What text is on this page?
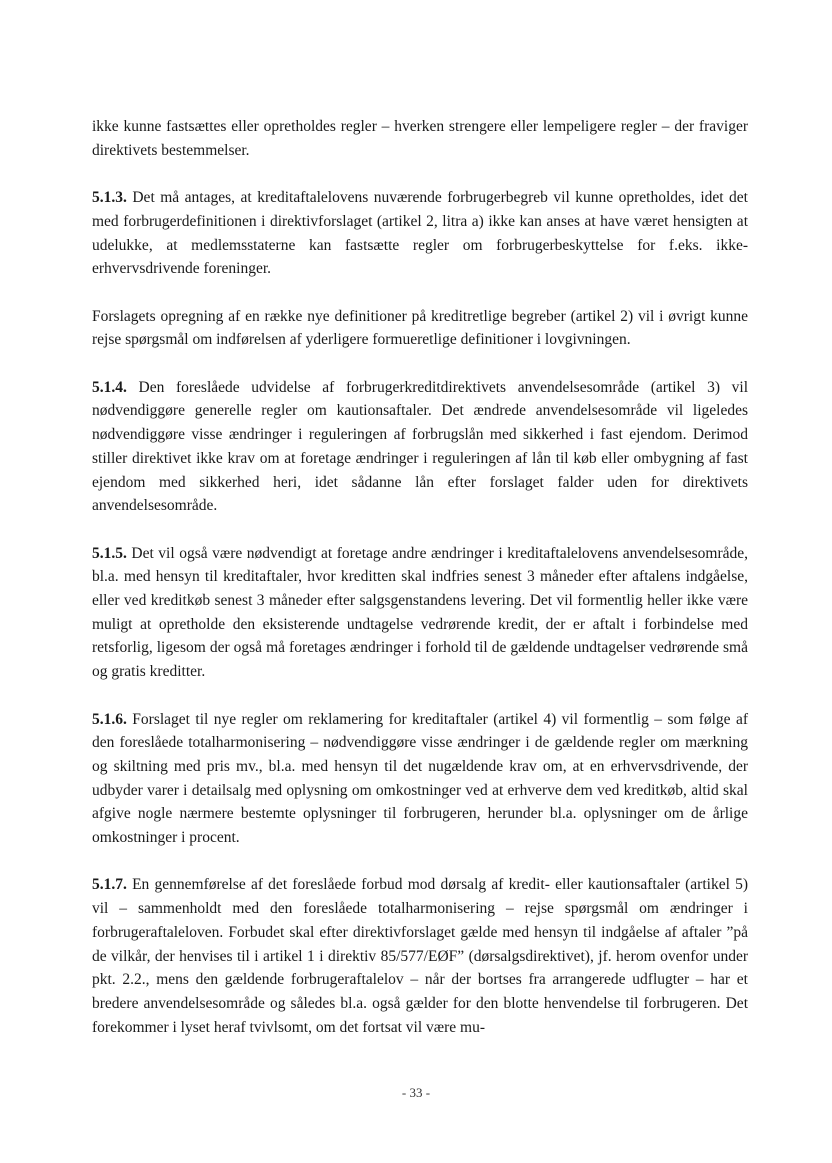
ikke kunne fastsættes eller opretholdes regler – hverken strengere eller lempeligere regler – der fraviger direktivets bestemmelser.

5.1.3. Det må antages, at kreditaftalelovens nuværende forbrugerbegreb vil kunne opretholdes, idet det med forbrugerdefinitionen i direktivforslaget (artikel 2, litra a) ikke kan anses at have været hensigten at udelukke, at medlemsstaterne kan fastsætte regler om forbrugerbeskyttelse for f.eks. ikke-erhvervsdrivende foreninger.

Forslagets opregning af en række nye definitioner på kreditretlige begreber (artikel 2) vil i øvrigt kunne rejse spørgsmål om indførelsen af yderligere formueretlige definitioner i lovgivningen.

5.1.4. Den foreslåede udvidelse af forbrugerkreditdirektivets anvendelsesområde (artikel 3) vil nødvendiggøre generelle regler om kautionsaftaler. Det ændrede anvendelsesområde vil ligeledes nødvendiggøre visse ændringer i reguleringen af forbrugslån med sikkerhed i fast ejendom. Derimod stiller direktivet ikke krav om at foretage ændringer i reguleringen af lån til køb eller ombygning af fast ejendom med sikkerhed heri, idet sådanne lån efter forslaget falder uden for direktivets anvendelsesområde.

5.1.5. Det vil også være nødvendigt at foretage andre ændringer i kreditaftalelovens anvendelsesområde, bl.a. med hensyn til kreditaftaler, hvor kreditten skal indfries senest 3 måneder efter aftalens indgåelse, eller ved kreditkøb senest 3 måneder efter salgsgenstandens levering. Det vil formentlig heller ikke være muligt at opretholde den eksisterende undtagelse vedrørende kredit, der er aftalt i forbindelse med retsforlig, ligesom der også må foretages ændringer i forhold til de gældende undtagelser vedrørende små og gratis kreditter.

5.1.6. Forslaget til nye regler om reklamering for kreditaftaler (artikel 4) vil formentlig – som følge af den foreslåede totalharmonisering – nødvendiggøre visse ændringer i de gældende regler om mærkning og skiltning med pris mv., bl.a. med hensyn til det nugældende krav om, at en erhvervsdrivende, der udbyder varer i detailsalg med oplysning om omkostninger ved at erhverve dem ved kreditkøb, altid skal afgive nogle nærmere bestemte oplysninger til forbrugeren, herunder bl.a. oplysninger om de årlige omkostninger i procent.

5.1.7. En gennemførelse af det foreslåede forbud mod dørsalg af kredit- eller kautionsaftaler (artikel 5) vil – sammenholdt med den foreslåede totalharmonisering – rejse spørgsmål om ændringer i forbrugeraftaleloven. Forbudet skal efter direktivforslaget gælde med hensyn til indgåelse af aftaler ”på de vilkår, der henvises til i artikel 1 i direktiv 85/577/EØF” (dørsalgsdirektivet), jf. herom ovenfor under pkt. 2.2., mens den gældende forbrugeraftalelov – når der bortses fra arrangerede udflugter – har et bredere anvendelsesområde og således bl.a. også gælder for den blotte henvendelse til forbrugeren. Det forekommer i lyset heraf tvivlsomt, om det fortsat vil være mu-

- 33 -
